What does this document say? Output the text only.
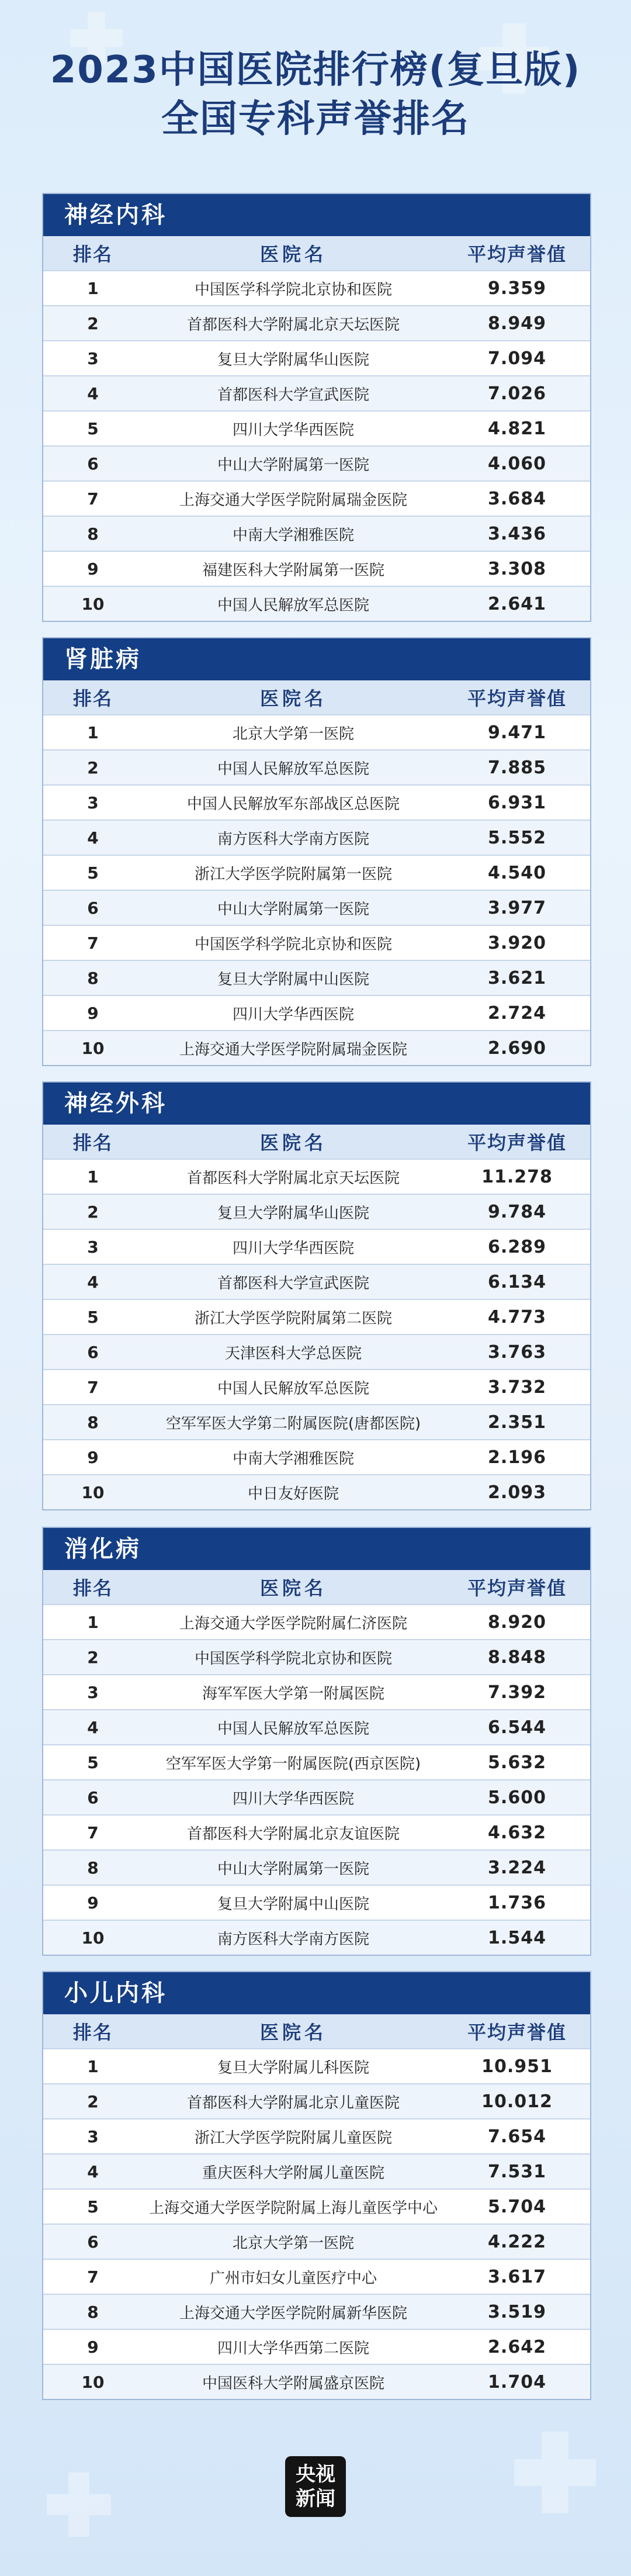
2023中国医院排行榜(复旦版)
全国专科声誉排名
神经内科
排名	医院名	平均声誉值
1	中国医学科学院北京协和医院	9.359
2	首都医科大学附属北京天坛医院	8.949
3	复旦大学附属华山医院	7.094
4	首都医科大学宣武医院	7.026
5	四川大学华西医院	4.821
6	中山大学附属第一医院	4.060
7	上海交通大学医学院附属瑞金医院	3.684
8	中南大学湘雅医院	3.436
9	福建医科大学附属第一医院	3.308
10	中国人民解放军总医院	2.641
肾脏病
排名	医院名	平均声誉值
1	北京大学第一医院	9.471
2	中国人民解放军总医院	7.885
3	中国人民解放军东部战区总医院	6.931
4	南方医科大学南方医院	5.552
5	浙江大学医学院附属第一医院	4.540
6	中山大学附属第一医院	3.977
7	中国医学科学院北京协和医院	3.920
8	复旦大学附属中山医院	3.621
9	四川大学华西医院	2.724
10	上海交通大学医学院附属瑞金医院	2.690
神经外科
排名	医院名	平均声誉值
1	首都医科大学附属北京天坛医院	11.278
2	复旦大学附属华山医院	9.784
3	四川大学华西医院	6.289
4	首都医科大学宣武医院	6.134
5	浙江大学医学院附属第二医院	4.773
6	天津医科大学总医院	3.763
7	中国人民解放军总医院	3.732
8	空军军医大学第二附属医院(唐都医院)	2.351
9	中南大学湘雅医院	2.196
10	中日友好医院	2.093
消化病
排名	医院名	平均声誉值
1	上海交通大学医学院附属仁济医院	8.920
2	中国医学科学院北京协和医院	8.848
3	海军军医大学第一附属医院	7.392
4	中国人民解放军总医院	6.544
5	空军军医大学第一附属医院(西京医院)	5.632
6	四川大学华西医院	5.600
7	首都医科大学附属北京友谊医院	4.632
8	中山大学附属第一医院	3.224
9	复旦大学附属中山医院	1.736
10	南方医科大学南方医院	1.544
小儿内科
排名	医院名	平均声誉值
1	复旦大学附属儿科医院	10.951
2	首都医科大学附属北京儿童医院	10.012
3	浙江大学医学院附属儿童医院	7.654
4	重庆医科大学附属儿童医院	7.531
5	上海交通大学医学院附属上海儿童医学中心	5.704
6	北京大学第一医院	4.222
7	广州市妇女儿童医疗中心	3.617
8	上海交通大学医学院附属新华医院	3.519
9	四川大学华西第二医院	2.642
10	中国医科大学附属盛京医院	1.704
央视
新闻
